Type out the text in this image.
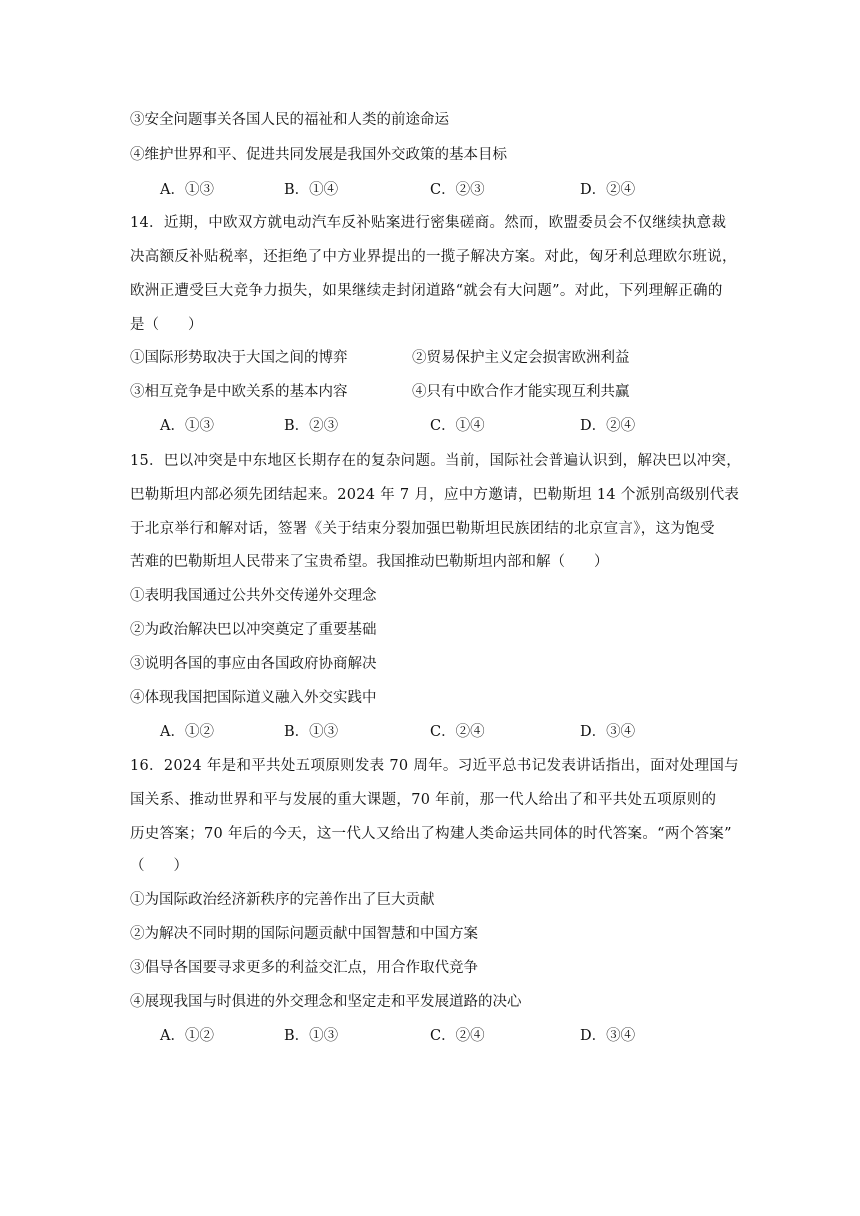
③安全问题事关各国人民的福祉和人类的前途命运
④维护世界和平、促进共同发展是我国外交政策的基本目标
A．①③	B．①④	C．②③	D．②④
14．近期，中欧双方就电动汽车反补贴案进行密集磋商。然而，欧盟委员会不仅继续执意裁
决高额反补贴税率，还拒绝了中方业界提出的一揽子解决方案。对此，匈牙利总理欧尔班说，
欧洲正遭受巨大竞争力损失，如果继续走封闭道路“就会有大问题”。对此，下列理解正确的
是（　　）
①国际形势取决于大国之间的博弈	②贸易保护主义定会损害欧洲利益
③相互竞争是中欧关系的基本内容	④只有中欧合作才能实现互利共赢
A．①③	B．②③	C．①④	D．②④
15．巴以冲突是中东地区长期存在的复杂问题。当前，国际社会普遍认识到，解决巴以冲突，
巴勒斯坦内部必须先团结起来。2024 年 7 月，应中方邀请，巴勒斯坦 14 个派别高级别代表
于北京举行和解对话，签署《关于结束分裂加强巴勒斯坦民族团结的北京宣言》，这为饱受
苦难的巴勒斯坦人民带来了宝贵希望。我国推动巴勒斯坦内部和解（　　）
①表明我国通过公共外交传递外交理念
②为政治解决巴以冲突奠定了重要基础
③说明各国的事应由各国政府协商解决
④体现我国把国际道义融入外交实践中
A．①②	B．①③	C．②④	D．③④
16．2024 年是和平共处五项原则发表 70 周年。习近平总书记发表讲话指出，面对处理国与
国关系、推动世界和平与发展的重大课题，70 年前，那一代人给出了和平共处五项原则的
历史答案；70 年后的今天，这一代人又给出了构建人类命运共同体的时代答案。“两个答案”
（　　）
①为国际政治经济新秩序的完善作出了巨大贡献
②为解决不同时期的国际问题贡献中国智慧和中国方案
③倡导各国要寻求更多的利益交汇点，用合作取代竞争
④展现我国与时俱进的外交理念和坚定走和平发展道路的决心
A．①②	B．①③	C．②④	D．③④
